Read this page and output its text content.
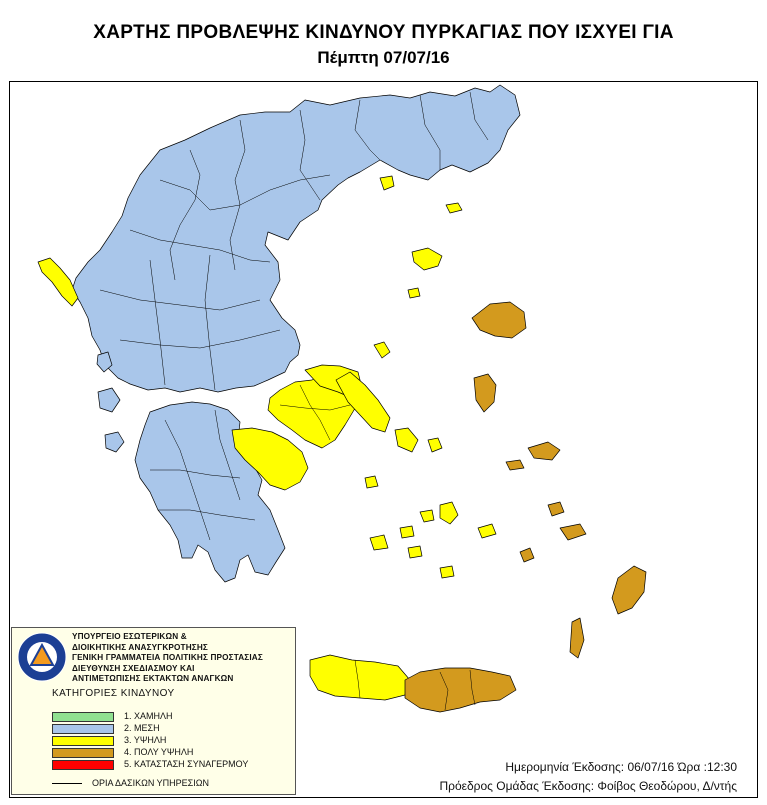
ΧΑΡΤΗΣ ΠΡΟΒΛΕΨΗΣ ΚΙΝΔΥΝΟΥ ΠΥΡΚΑΓΙΑΣ ΠΟΥ ΙΣΧΥΕΙ ΓΙΑ
Πέμπτη 07/07/16
ΥΠΟΥΡΓΕΙΟ ΕΣΩΤΕΡΙΚΩΝ &
ΔΙΟΙΚΗΤΙΚΗΣ ΑΝΑΣΥΓΚΡΟΤΗΣΗΣ
ΓΕΝΙΚΗ ΓΡΑΜΜΑΤΕΙΑ ΠΟΛΙΤΙΚΗΣ ΠΡΟΣΤΑΣΙΑΣ
ΔΙΕΥΘΥΝΣΗ ΣΧΕΔΙΑΣΜΟΥ ΚΑΙ
ΑΝΤΙΜΕΤΩΠΙΣΗΣ ΕΚΤΑΚΤΩΝ ΑΝΑΓΚΩΝ
ΚΑΤΗΓΟΡΙΕΣ ΚΙΝΔΥΝΟΥ
1. ΧΑΜΗΛΗ
2. ΜΕΣΗ
3. ΥΨΗΛΗ
4. ΠΟΛΥ ΥΨΗΛΗ
5. ΚΑΤΑΣΤΑΣΗ ΣΥΝΑΓΕΡΜΟΥ
ΟΡΙΑ ΔΑΣΙΚΩΝ ΥΠΗΡΕΣΙΩΝ
Ημερομηνία Έκδοσης: 06/07/16 Ώρα :12:30
Πρόεδρος Ομάδας Έκδοσης: Φοίβος Θεοδώρου, Δ/ντής
